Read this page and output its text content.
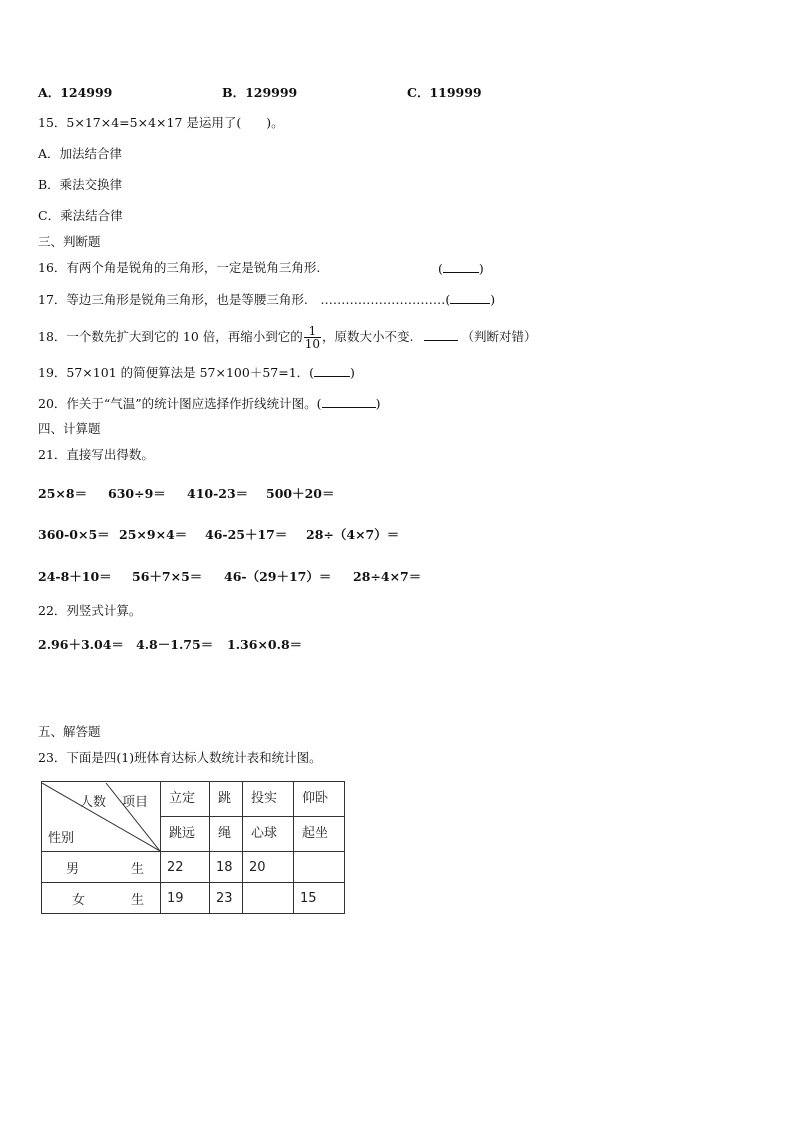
A．124999	B．129999	C．119999
15．5×17×4=5×4×17 是运用了(　　)。
A．加法结合律
B．乘法交换律
C．乘法结合律
三、判断题
16．有两个角是锐角的三角形，一定是锐角三角形.	(	)
17．等边三角形是锐角三角形，也是等腰三角形.　…………………………(	)
18．一个数先扩大到它的 10 倍，再缩小到它的 $\frac{1}{10}$ ，原数大小不变.	（判断对错）
19．57×101 的简便算法是 57×100＋57=1．(	)
20．作关于“气温”的统计图应选择作折线统计图。(	)
四、计算题
21．直接写出得数。
25×8＝ 630÷9＝ 410-23＝ 500＋20＝
360-0×5＝ 25×9×4＝ 46-25＋17＝ 28÷（4×7）＝
24-8＋10＝ 56＋7×5＝ 46-（29＋17）＝ 28÷4×7＝
22．列竖式计算。
2.96＋3.04＝ 4.8－1.75＝ 1.36×0.8＝
五、解答题
23．下面是四(1)班体育达标人数统计表和统计图。
人数 项目
性别	立定	跳	投实	仰卧
	跳远	绳	心球	起坐
男 生	22	18	20	
女 生	19	23		15
